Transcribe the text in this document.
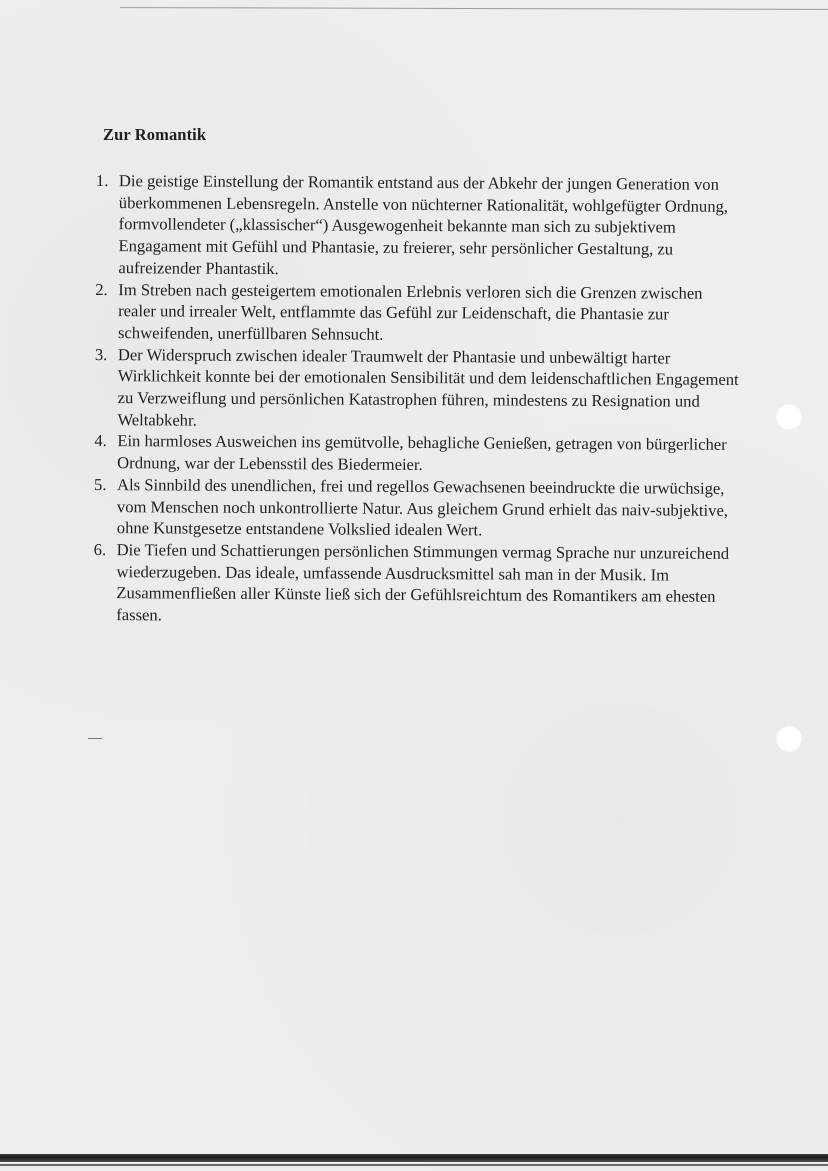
Zur Romantik
1. Die geistige Einstellung der Romantik entstand aus der Abkehr der jungen Generation von überkommenen Lebensregeln. Anstelle von nüchterner Rationalität, wohlgefügter Ordnung, formvollendeter („klassischer“) Ausgewogenheit bekannte man sich zu subjektivem Engagament mit Gefühl und Phantasie, zu freierer, sehr persönlicher Gestaltung, zu aufreizender Phantastik.
2. Im Streben nach gesteigertem emotionalen Erlebnis verloren sich die Grenzen zwischen realer und irrealer Welt, entflammte das Gefühl zur Leidenschaft, die Phantasie zur schweifenden, unerfüllbaren Sehnsucht.
3. Der Widerspruch zwischen idealer Traumwelt der Phantasie und unbewältigt harter Wirklichkeit konnte bei der emotionalen Sensibilität und dem leidenschaftlichen Engagement zu Verzweiflung und persönlichen Katastrophen führen, mindestens zu Resignation und Weltabkehr.
4. Ein harmloses Ausweichen ins gemütvolle, behagliche Genießen, getragen von bürgerlicher Ordnung, war der Lebensstil des Biedermeier.
5. Als Sinnbild des unendlichen, frei und regellos Gewachsenen beeindruckte die urwüchsige, vom Menschen noch unkontrollierte Natur. Aus gleichem Grund erhielt das naiv-subjektive, ohne Kunstgesetze entstandene Volkslied idealen Wert.
6. Die Tiefen und Schattierungen persönlichen Stimmungen vermag Sprache nur unzureichend wiederzugeben. Das ideale, umfassende Ausdrucksmittel sah man in der Musik. Im Zusammenfließen aller Künste ließ sich der Gefühlsreichtum des Romantikers am ehesten fassen.
